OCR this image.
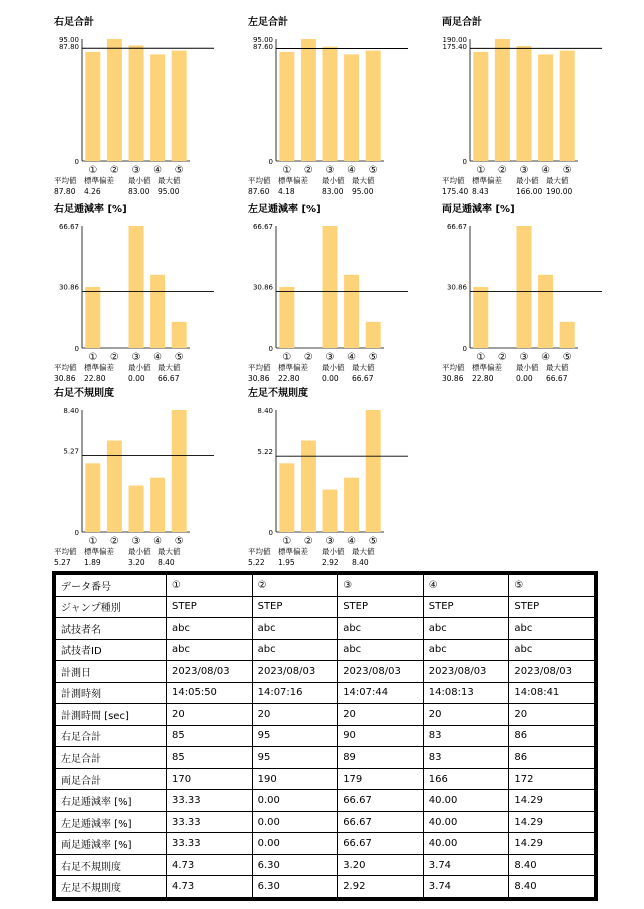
右足合計
① ② ③ ④ ⑤
95.00
87.80
0
平均値
87.80
標準偏差
4.26
最小値
83.00
最大値
95.00
左足合計
① ② ③ ④ ⑤
95.00
87.60
0
平均値
87.60
標準偏差
4.18
最小値
83.00
最大値
95.00
両足合計
① ② ③ ④ ⑤
190.00
175.40
0
平均値
175.40
標準偏差
8.43
最小値
166.00
最大値
190.00
右足逓減率 [%]
① ② ③ ④ ⑤
66.67
30.86
0
平均値
30.86
標準偏差
22.80
最小値
0.00
最大値
66.67
左足逓減率 [%]
① ② ③ ④ ⑤
66.67
30.86
0
平均値
30.86
標準偏差
22.80
最小値
0.00
最大値
66.67
両足逓減率 [%]
① ② ③ ④ ⑤
66.67
30.86
0
平均値
30.86
標準偏差
22.80
最小値
0.00
最大値
66.67
右足不規則度
① ② ③ ④ ⑤
8.40
5.27
0
平均値
5.27
標準偏差
1.89
最小値
3.20
最大値
8.40
左足不規則度
① ② ③ ④ ⑤
8.40
5.22
0
平均値
5.22
標準偏差
1.95
最小値
2.92
最大値
8.40
データ番号	①	②	③	④	⑤
ジャンプ種別	STEP	STEP	STEP	STEP	STEP
試技者名	abc	abc	abc	abc	abc
試技者ID	abc	abc	abc	abc	abc
計測日	2023/08/03	2023/08/03	2023/08/03	2023/08/03	2023/08/03
計測時刻	14:05:50	14:07:16	14:07:44	14:08:13	14:08:41
計測時間 [sec]	20	20	20	20	20
右足合計	85	95	90	83	86
左足合計	85	95	89	83	86
両足合計	170	190	179	166	172
右足逓減率 [%]	33.33	0.00	66.67	40.00	14.29
左足逓減率 [%]	33.33	0.00	66.67	40.00	14.29
両足逓減率 [%]	33.33	0.00	66.67	40.00	14.29
右足不規則度	4.73	6.30	3.20	3.74	8.40
左足不規則度	4.73	6.30	2.92	3.74	8.40
